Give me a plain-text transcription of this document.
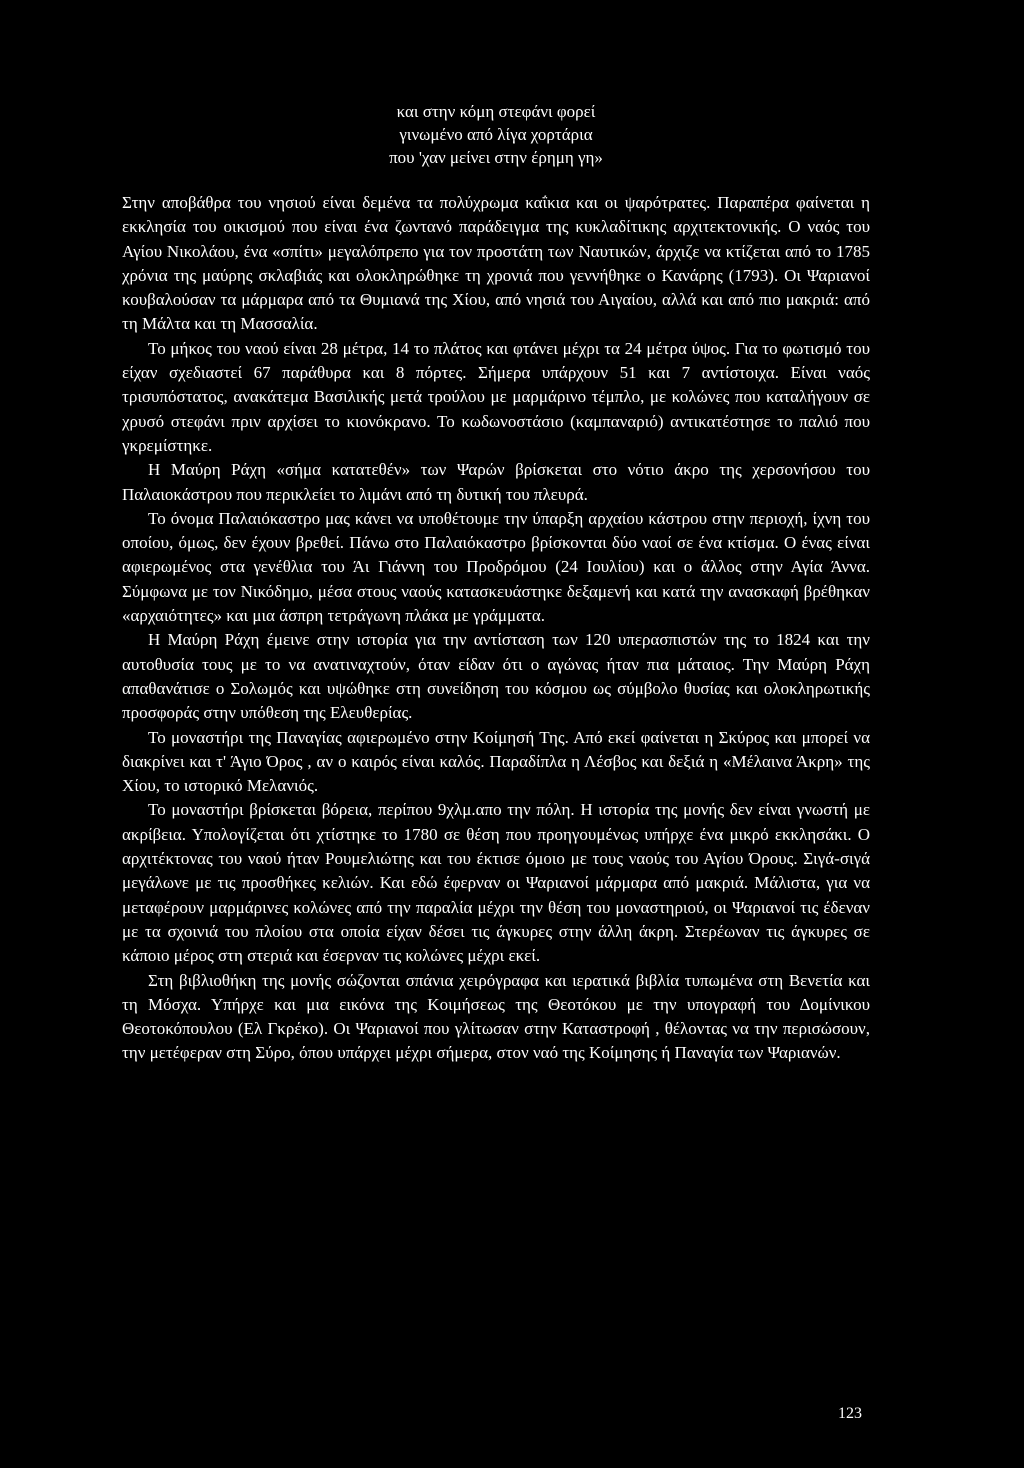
και στην κόμη στεφάνι φορεί
γινωμένο από λίγα χορτάρια
που 'χαν μείνει στην έρημη γη»

Στην αποβάθρα του νησιού είναι δεμένα τα πολύχρωμα καΐκια και οι ψαρότρατες. Παραπέρα φαίνεται η εκκλησία του οικισμού που είναι ένα ζωντανό παράδειγμα της κυκλαδίτικης αρχιτεκτονικής. Ο ναός του Αγίου Νικολάου, ένα «σπίτι» μεγαλόπρεπο για τον προστάτη των Ναυτικών, άρχιζε να κτίζεται από το 1785 χρόνια της μαύρης σκλαβιάς και ολοκληρώθηκε τη χρονιά που γεννήθηκε ο Κανάρης (1793). Οι Ψαριανοί κουβαλούσαν τα μάρμαρα από τα Θυμιανά της Χίου, από νησιά του Αιγαίου, αλλά και από πιο μακριά: από τη Μάλτα και τη Μασσαλία.

Το μήκος του ναού είναι 28 μέτρα, 14 το πλάτος και φτάνει μέχρι τα 24 μέτρα ύψος. Για το φωτισμό του είχαν σχεδιαστεί 67 παράθυρα και 8 πόρτες. Σήμερα υπάρχουν 51 και 7 αντίστοιχα. Είναι ναός τρισυπόστατος, ανακάτεμα Βασιλικής μετά τρούλου με μαρμάρινο τέμπλο, με κολώνες που καταλήγουν σε χρυσό στεφάνι πριν αρχίσει το κιονόκρανο. Το κωδωνοστάσιο (καμπαναριό) αντικατέστησε το παλιό που γκρεμίστηκε.

Η Μαύρη Ράχη «σήμα κατατεθέν» των Ψαρών βρίσκεται στο νότιο άκρο της χερσονήσου του Παλαιοκάστρου που περικλείει το λιμάνι από τη δυτική του πλευρά.

Το όνομα Παλαιόκαστρο μας κάνει να υποθέτουμε την ύπαρξη αρχαίου κάστρου στην περιοχή, ίχνη του οποίου, όμως, δεν έχουν βρεθεί. Πάνω στο Παλαιόκαστρο βρίσκονται δύο ναοί σε ένα κτίσμα. Ο ένας είναι αφιερωμένος στα γενέθλια του Άι Γιάννη του Προδρόμου (24 Ιουλίου) και ο άλλος στην Αγία Άννα. Σύμφωνα με τον Νικόδημο, μέσα στους ναούς κατασκευάστηκε δεξαμενή και κατά την ανασκαφή βρέθηκαν «αρχαιότητες» και μια άσπρη τετράγωνη πλάκα με γράμματα.

Η Μαύρη Ράχη έμεινε στην ιστορία για την αντίσταση των 120 υπερασπιστών της το 1824 και την αυτοθυσία τους με το να ανατιναχτούν, όταν είδαν ότι ο αγώνας ήταν πια μάταιος. Την Μαύρη Ράχη απαθανάτισε ο Σολωμός και υψώθηκε στη συνείδηση του κόσμου ως σύμβολο θυσίας και ολοκληρωτικής προσφοράς στην υπόθεση της Ελευθερίας.

Το μοναστήρι της Παναγίας αφιερωμένο στην Κοίμησή Της. Από εκεί φαίνεται η Σκύρος και μπορεί να διακρίνει και τ' Άγιο Όρος , αν ο καιρός είναι καλός. Παραδίπλα η Λέσβος και δεξιά η «Μέλαινα Άκρη» της Χίου, το ιστορικό Μελανιός.

Το μοναστήρι βρίσκεται βόρεια, περίπου 9χλμ.απο την πόλη. Η ιστορία της μονής δεν είναι γνωστή με ακρίβεια. Υπολογίζεται ότι χτίστηκε το 1780 σε θέση που προηγουμένως υπήρχε ένα μικρό εκκλησάκι. Ο αρχιτέκτονας του ναού ήταν Ρουμελιώτης και του έκτισε όμοιο με τους ναούς του Αγίου Όρους. Σιγά-σιγά μεγάλωνε με τις προσθήκες κελιών. Και εδώ έφερναν οι Ψαριανοί μάρμαρα από μακριά. Μάλιστα, για να μεταφέρουν μαρμάρινες κολώνες από την παραλία μέχρι την θέση του μοναστηριού, οι Ψαριανοί τις έδεναν με τα σχοινιά του πλοίου στα οποία είχαν δέσει τις άγκυρες στην άλλη άκρη. Στερέωναν τις άγκυρες σε κάποιο μέρος στη στεριά και έσερναν τις κολώνες μέχρι εκεί.

Στη βιβλιοθήκη της μονής σώζονται σπάνια χειρόγραφα και ιερατικά βιβλία τυπωμένα στη Βενετία και τη Μόσχα. Υπήρχε και μια εικόνα της Κοιμήσεως της Θεοτόκου με την υπογραφή του Δομίνικου Θεοτοκόπουλου (Ελ Γκρέκο). Οι Ψαριανοί που γλίτωσαν στην Καταστροφή , θέλοντας να την περισώσουν, την μετέφεραν στη Σύρο, όπου υπάρχει μέχρι σήμερα, στον ναό της Κοίμησης ή Παναγία των Ψαριανών.

123
